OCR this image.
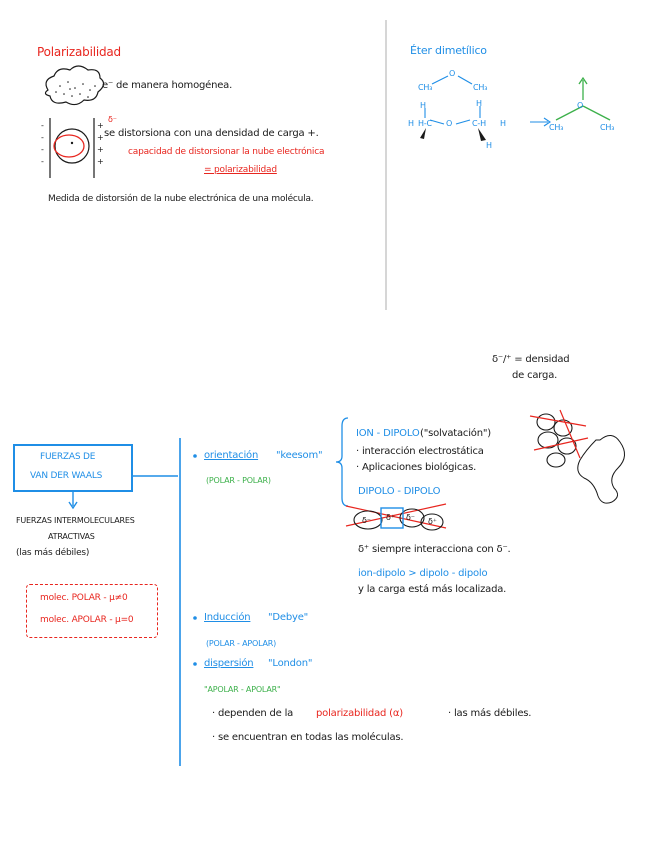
-
-
-
-
+
+
+
+
Polarizabilidad
e⁻ de manera homogénea.
δ⁻
se distorsiona con una densidad de carga +.
capacidad de distorsionar la nube electrónica
= polarizabilidad
Medida de distorsión de la nube electrónica de una molécula.
Éter dimetílico
CH₃
O
CH₃
H	H
H H‑C O C‑H
H
H
O
CH₃	CH₃
δ⁻/⁺ = densidad
de carga.
FUERZAS DE
VAN DER WAALS
FUERZAS INTERMOLECULARES
ATRACTIVAS
(las más débiles)
molec. POLAR - μ≠0
molec. APOLAR - μ=0
orientación "keesom"
(POLAR - POLAR)
ION - DIPOLO ("solvatación")
· interacción electrostática
· Aplicaciones biológicas.
DIPOLO - DIPOLO
δ⁻ δ⁺ δ⁻ δ⁺
δ⁺ siempre interacciona con δ⁻.
ion-dipolo > dipolo - dipolo
y la carga está más localizada.
Inducción "Debye"
(POLAR - APOLAR)
dispersión "London"
"APOLAR - APOLAR"
· dependen de la polarizabilidad (α)	· las más débiles.
· se encuentran en todas las moléculas.
